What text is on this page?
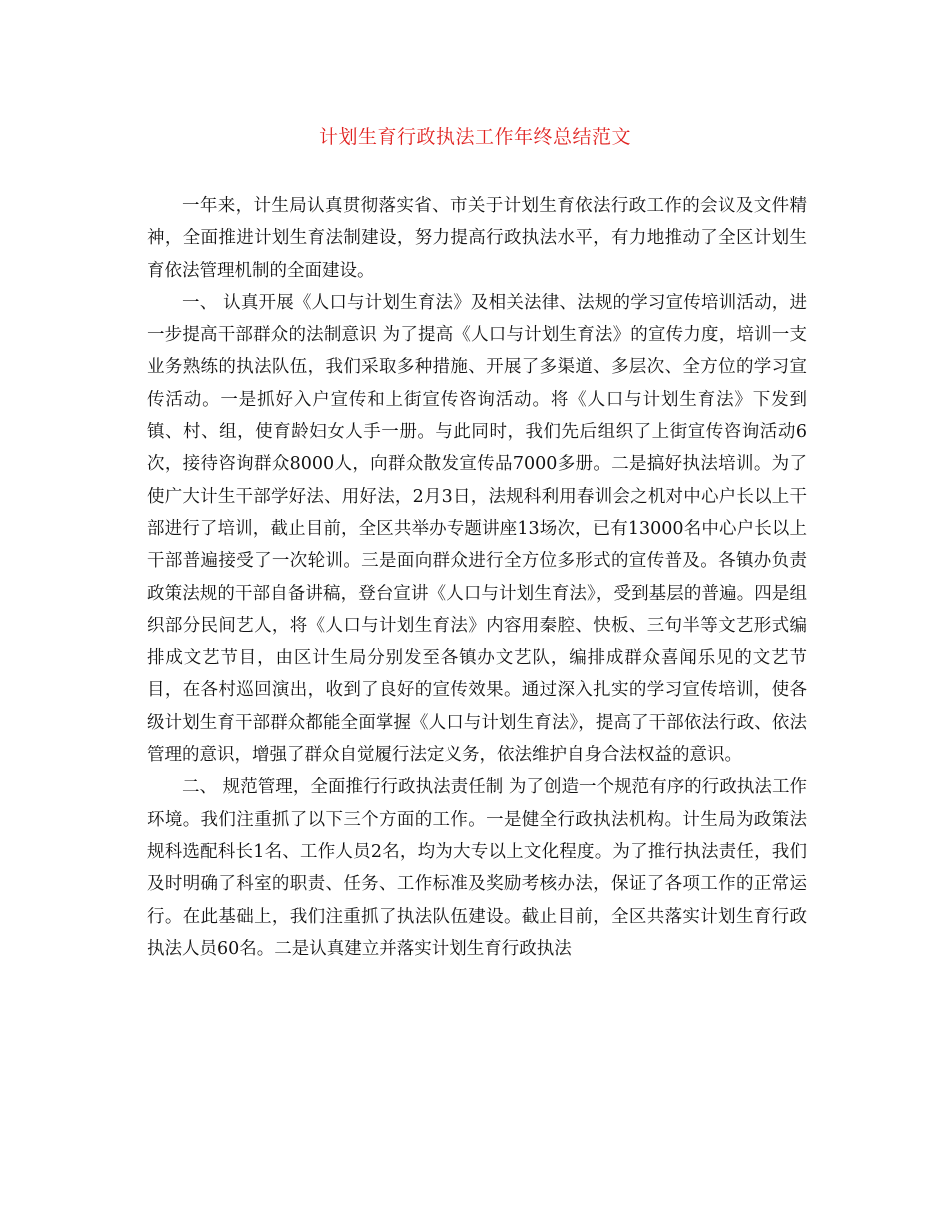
计划生育行政执法工作年终总结范文

一年来，计生局认真贯彻落实省、市关于计划生育依法行政工作的会议及文件精神，全面推进计划生育法制建设，努力提高行政执法水平，有力地推动了全区计划生育依法管理机制的全面建设。

一、 认真开展《人口与计划生育法》及相关法律、法规的学习宣传培训活动，进一步提高干部群众的法制意识 为了提高《人口与计划生育法》的宣传力度，培训一支业务熟练的执法队伍，我们采取多种措施、开展了多渠道、多层次、全方位的学习宣传活动。一是抓好入户宣传和上街宣传咨询活动。将《人口与计划生育法》下发到镇、村、组，使育龄妇女人手一册。与此同时，我们先后组织了上街宣传咨询活动6次，接待咨询群众8000人，向群众散发宣传品7000多册。二是搞好执法培训。为了使广大计生干部学好法、用好法，2月3日，法规科利用春训会之机对中心户长以上干部进行了培训，截止目前，全区共举办专题讲座13场次，已有13000名中心户长以上干部普遍接受了一次轮训。三是面向群众进行全方位多形式的宣传普及。各镇办负责政策法规的干部自备讲稿，登台宣讲《人口与计划生育法》，受到基层的普遍。四是组织部分民间艺人，将《人口与计划生育法》内容用秦腔、快板、三句半等文艺形式编排成文艺节目，由区计生局分别发至各镇办文艺队，编排成群众喜闻乐见的文艺节目，在各村巡回演出，收到了良好的宣传效果。通过深入扎实的学习宣传培训，使各级计划生育干部群众都能全面掌握《人口与计划生育法》，提高了干部依法行政、依法管理的意识，增强了群众自觉履行法定义务，依法维护自身合法权益的意识。

二、 规范管理，全面推行行政执法责任制 为了创造一个规范有序的行政执法工作环境。我们注重抓了以下三个方面的工作。一是健全行政执法机构。计生局为政策法规科选配科长1名、工作人员2名，均为大专以上文化程度。为了推行执法责任，我们及时明确了科室的职责、任务、工作标准及奖励考核办法，保证了各项工作的正常运行。在此基础上，我们注重抓了执法队伍建设。截止目前，全区共落实计划生育行政执法人员60名。二是认真建立并落实计划生育行政执法
